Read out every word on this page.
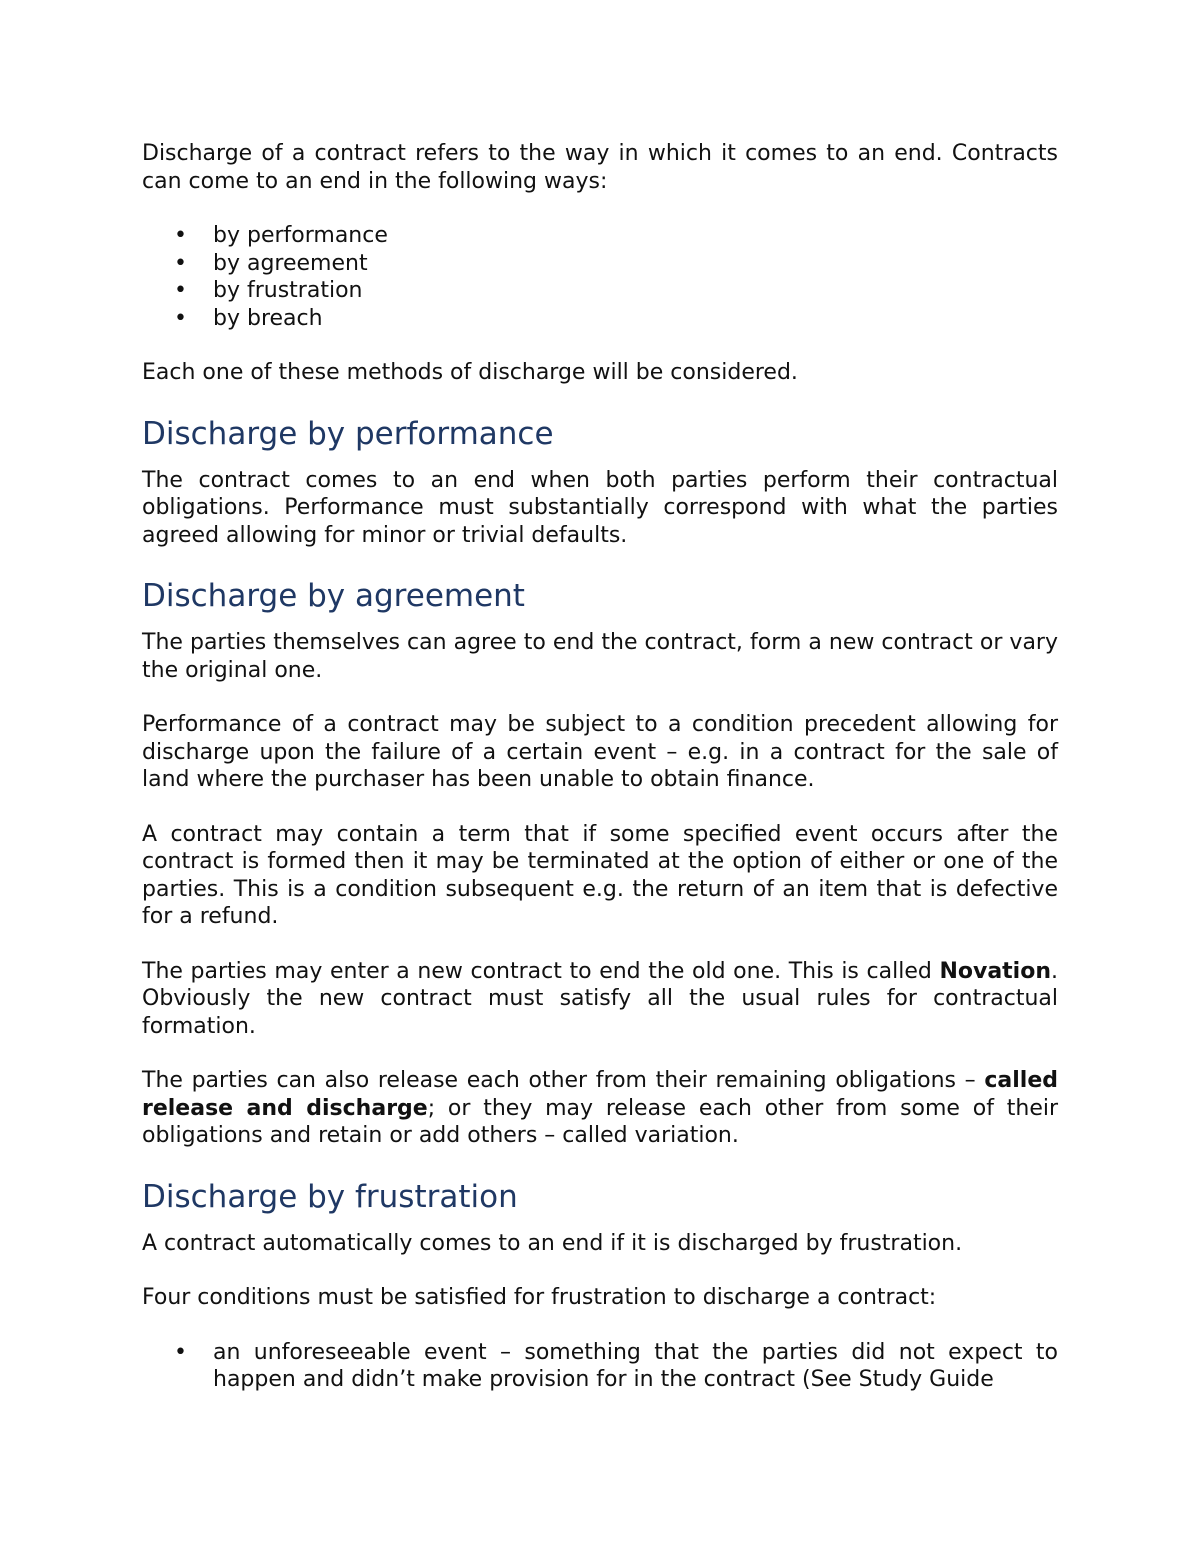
Discharge of a contract refers to the way in which it comes to an end. Contracts can come to an end in the following ways:

• by performance
• by agreement
• by frustration
• by breach

Each one of these methods of discharge will be considered.

Discharge by performance

The contract comes to an end when both parties perform their contractual obligations. Performance must substantially correspond with what the parties agreed allowing for minor or trivial defaults.

Discharge by agreement

The parties themselves can agree to end the contract, form a new contract or vary the original one.

Performance of a contract may be subject to a condition precedent allowing for discharge upon the failure of a certain event – e.g. in a contract for the sale of land where the purchaser has been unable to obtain finance.

A contract may contain a term that if some specified event occurs after the contract is formed then it may be terminated at the option of either or one of the parties. This is a condition subsequent e.g. the return of an item that is defective for a refund.

The parties may enter a new contract to end the old one. This is called Novation. Obviously the new contract must satisfy all the usual rules for contractual formation.

The parties can also release each other from their remaining obligations – called release and discharge; or they may release each other from some of their obligations and retain or add others – called variation.

Discharge by frustration

A contract automatically comes to an end if it is discharged by frustration.

Four conditions must be satisfied for frustration to discharge a contract:

• an unforeseeable event – something that the parties did not expect to happen and didn’t make provision for in the contract (See Study Guide
